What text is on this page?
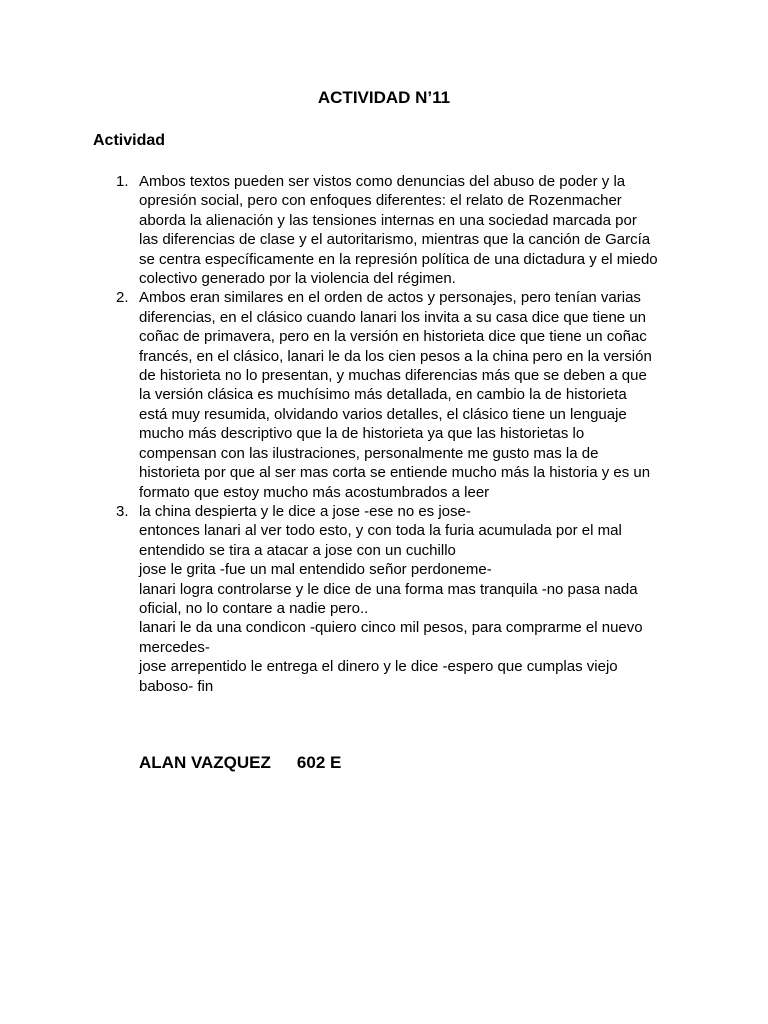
ACTIVIDAD N’11
Actividad
1. Ambos textos pueden ser vistos como denuncias del abuso de poder y la
opresión social, pero con enfoques diferentes: el relato de Rozenmacher
aborda la alienación y las tensiones internas en una sociedad marcada por
las diferencias de clase y el autoritarismo, mientras que la canción de García
se centra específicamente en la represión política de una dictadura y el miedo
colectivo generado por la violencia del régimen.
2. Ambos eran similares en el orden de actos y personajes, pero tenían varias
diferencias, en el clásico cuando lanari los invita a su casa dice que tiene un
coñac de primavera, pero en la versión en historieta dice que tiene un coñac
francés, en el clásico, lanari le da los cien pesos a la china pero en la versión
de historieta no lo presentan, y muchas diferencias más que se deben a que
la versión clásica es muchísimo más detallada, en cambio la de historieta
está muy resumida, olvidando varios detalles, el clásico tiene un lenguaje
mucho más descriptivo que la de historieta ya que las historietas lo
compensan con las ilustraciones, personalmente me gusto mas la de
historieta por que al ser mas corta se entiende mucho más la historia y es un
formato que estoy mucho más acostumbrados a leer
3. la china despierta y le dice a jose -ese no es jose-
entonces lanari al ver todo esto, y con toda la furia acumulada por el mal
entendido se tira a atacar a jose con un cuchillo
jose le grita -fue un mal entendido señor perdoneme-
lanari logra controlarse y le dice de una forma mas tranquila -no pasa nada
oficial, no lo contare a nadie pero..
lanari le da una condicon -quiero cinco mil pesos, para comprarme el nuevo
mercedes-
jose arrepentido le entrega el dinero y le dice -espero que cumplas viejo
baboso- fin
ALAN VAZQUEZ 602 E
